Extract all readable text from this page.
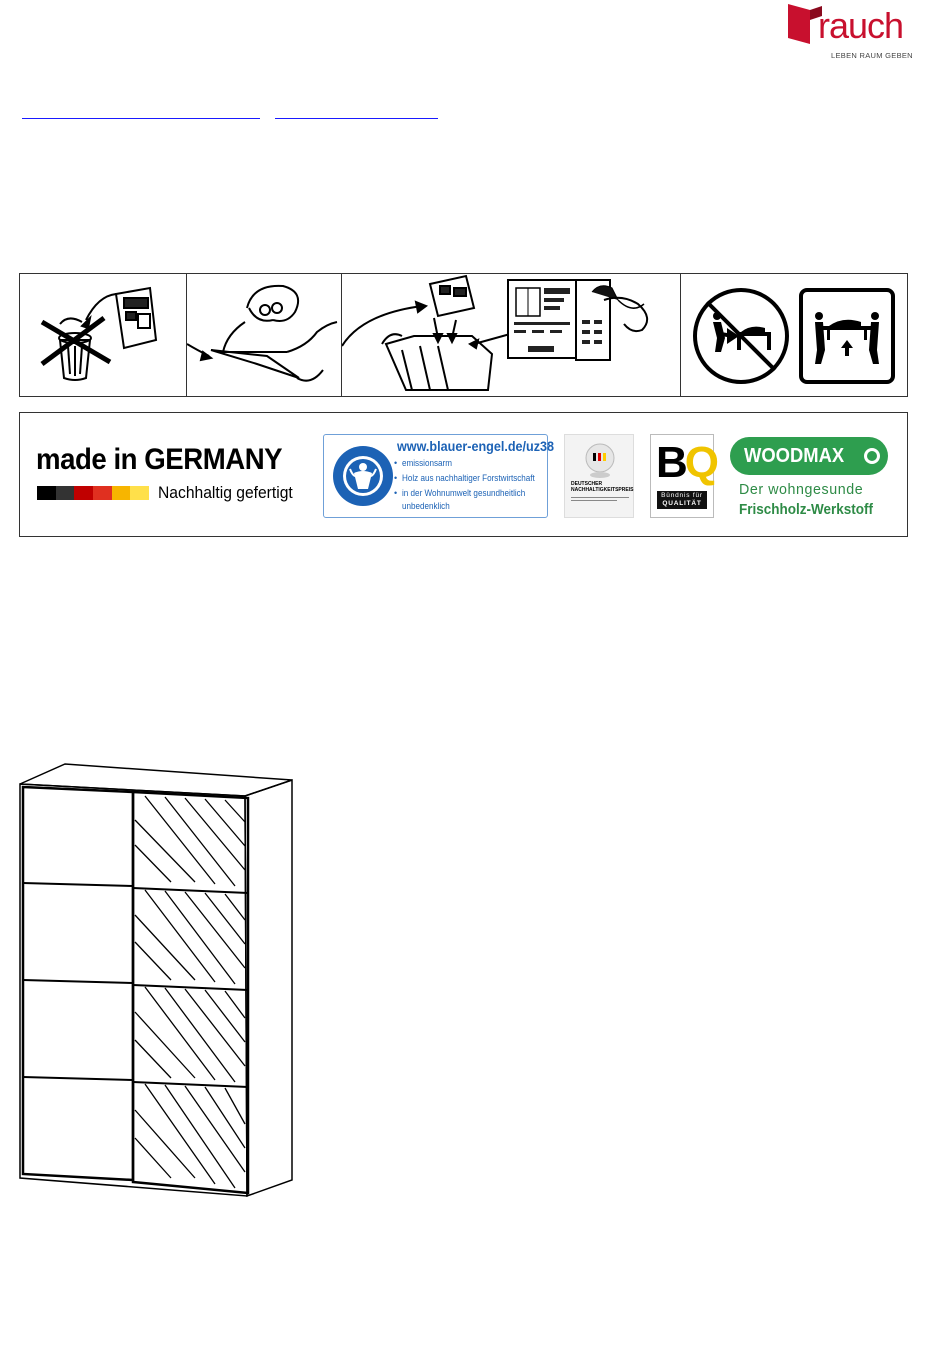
rauch
LEBEN RAUM GEBEN
made in GERMANY
Nachhaltig gefertigt
www.blauer-engel.de/uz38
• emissionsarm
• Holz aus nachhaltiger Forstwirtschaft
• in der Wohnumwelt gesundheitlich
unbedenklich
DEUTSCHER
NACHHALTIGKEITSPREIS
BQ
Bündnis für
QUALITÄT
WOODMAX
Der wohngesunde
Frischholz-Werkstoff
